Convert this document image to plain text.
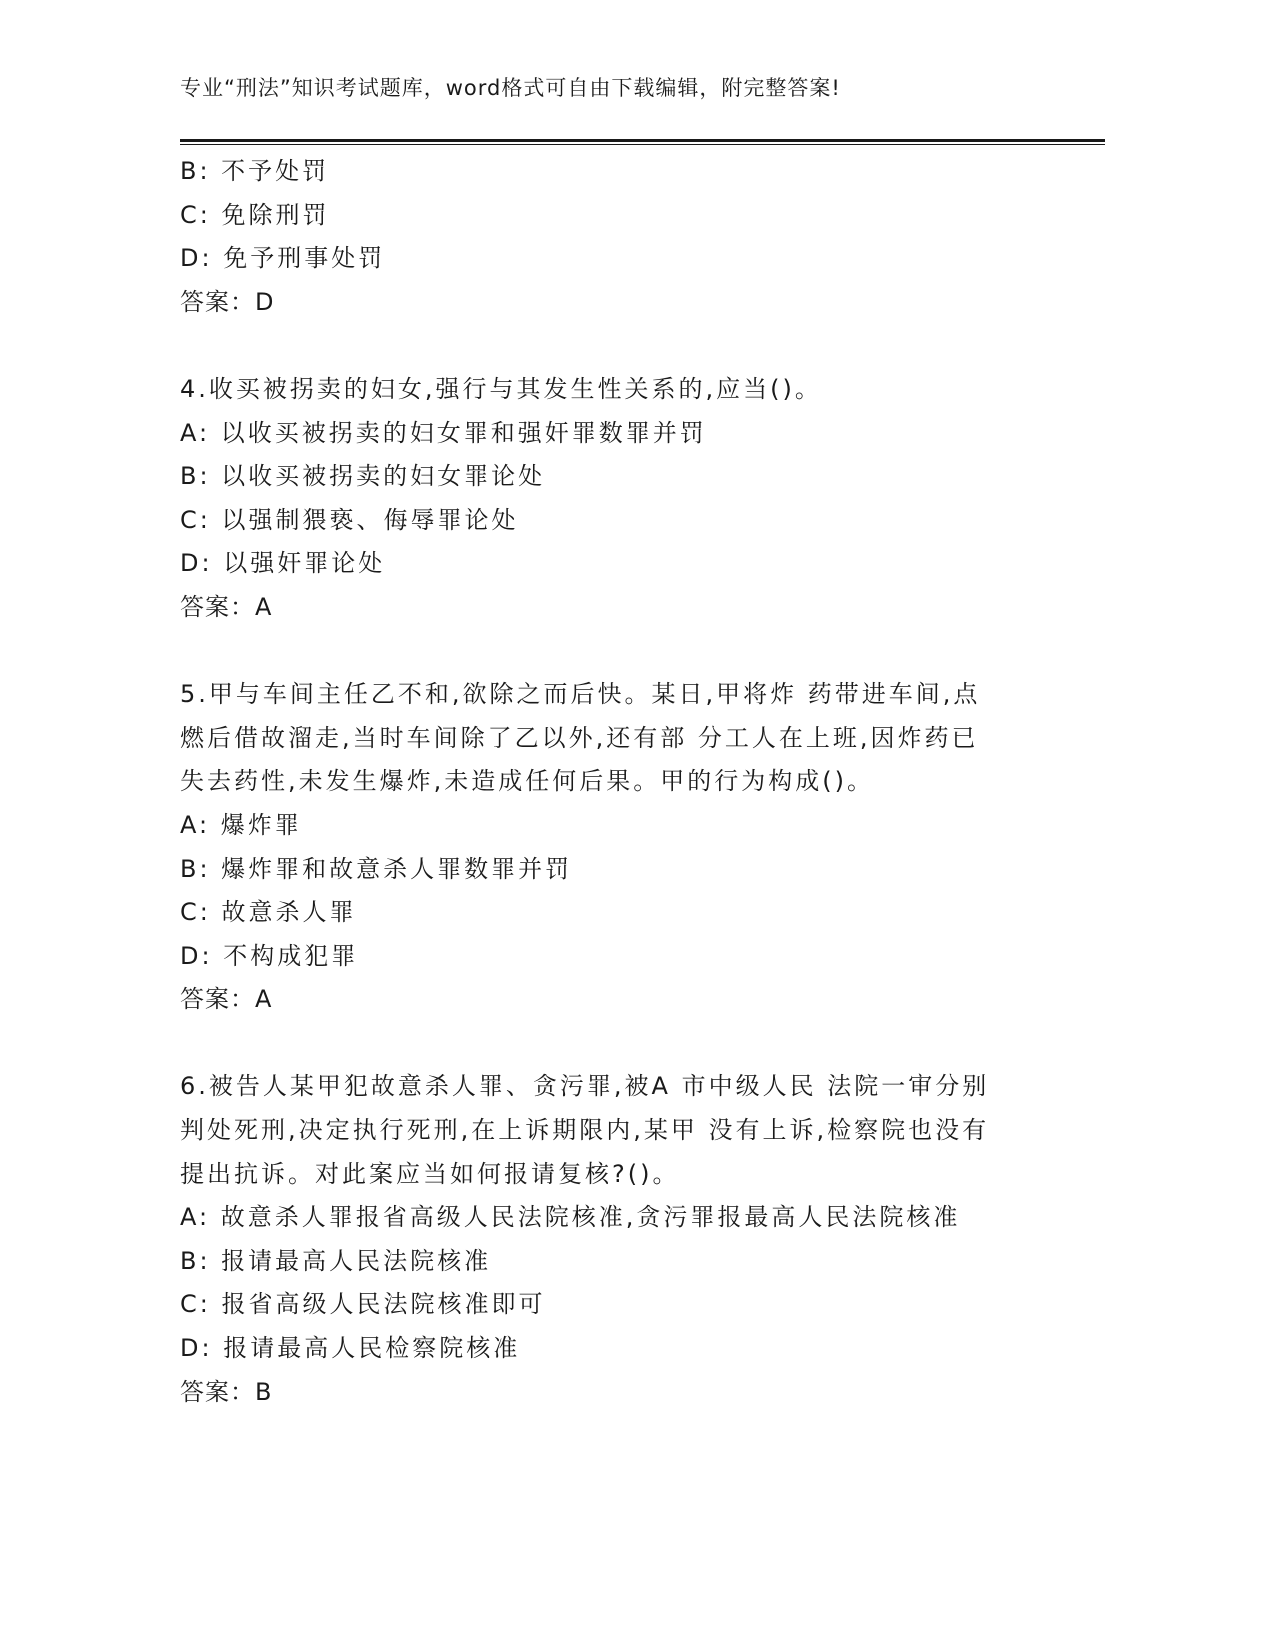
专业“刑法”知识考试题库，word格式可自由下载编辑，附完整答案!
B: 不予处罚
C: 免除刑罚
D: 免予刑事处罚
答案：D
4.收买被拐卖的妇女,强行与其发生性关系的,应当()。
A: 以收买被拐卖的妇女罪和强奸罪数罪并罚
B: 以收买被拐卖的妇女罪论处
C: 以强制猥亵、侮辱罪论处
D: 以强奸罪论处
答案：A
5.甲与车间主任乙不和,欲除之而后快。某日,甲将炸 药带进车间,点
燃后借故溜走,当时车间除了乙以外,还有部 分工人在上班,因炸药已
失去药性,未发生爆炸,未造成任何后果。甲的行为构成()。
A: 爆炸罪
B: 爆炸罪和故意杀人罪数罪并罚
C: 故意杀人罪
D: 不构成犯罪
答案：A
6.被告人某甲犯故意杀人罪、贪污罪,被A 市中级人民 法院一审分别
判处死刑,决定执行死刑,在上诉期限内,某甲 没有上诉,检察院也没有
提出抗诉。对此案应当如何报请复核?()。
A: 故意杀人罪报省高级人民法院核准,贪污罪报最高人民法院核准
B: 报请最高人民法院核准
C: 报省高级人民法院核准即可
D: 报请最高人民检察院核准
答案：B
